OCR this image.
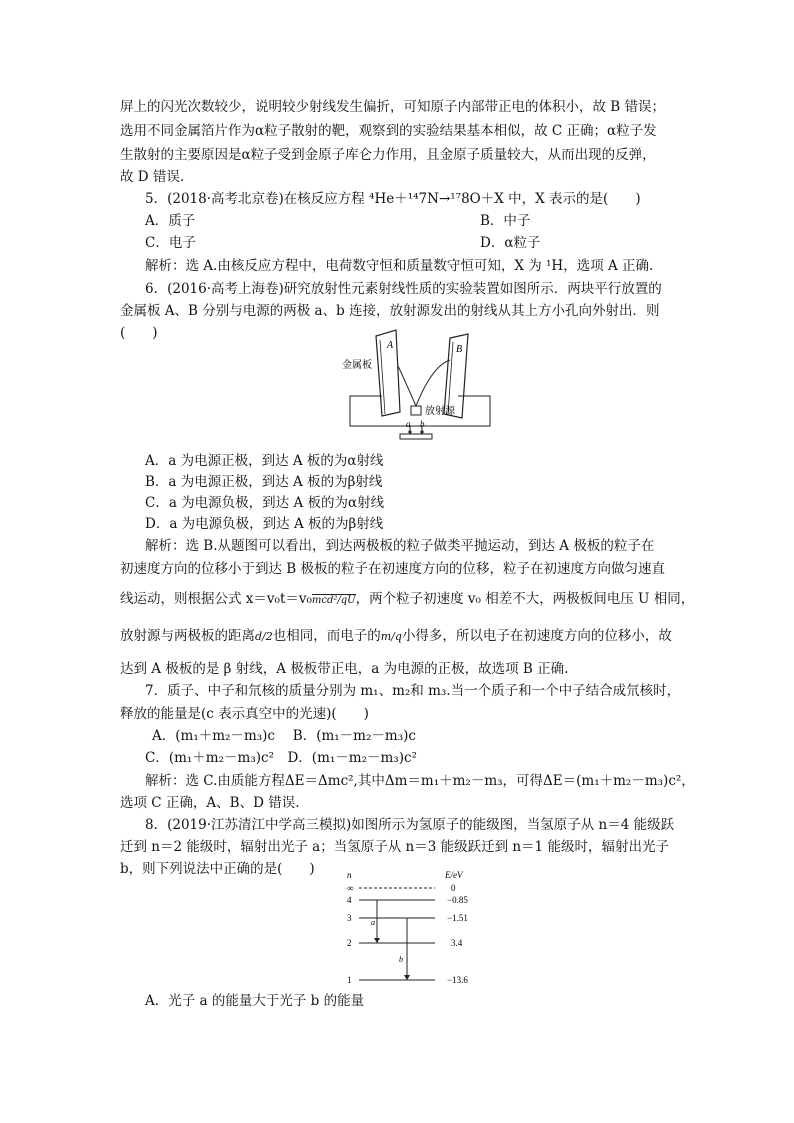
屏上的闪光次数较少，说明较少射线发生偏折，可知原子内部带正电的体积小，故 B 错误；
选用不同金属箔片作为α粒子散射的靶，观察到的实验结果基本相似，故 C 正确；α粒子发
生散射的主要原因是α粒子受到金原子库仑力作用，且金原子质量较大，从而出现的反弹，
故 D 错误.
5．(2018·高考北京卷)在核反应方程 ⁴He＋¹⁴7N→¹⁷8O＋X 中，X 表示的是(　　)
A．质子	B．中子
C．电子	D．α粒子
解析：选 A.由核反应方程中，电荷数守恒和质量数守恒可知，X 为 ¹H，选项 A 正确.
6．(2016·高考上海卷)研究放射性元素射线性质的实验装置如图所示．两块平行放置的
金属板 A、B 分别与电源的两极 a、b 连接，放射源发出的射线从其上方小孔向外射出．则
(　　)
金属板
A	B
放射源
a b
A．a 为电源正极，到达 A 板的为α射线
B．a 为电源正极，到达 A 板的为β射线
C．a 为电源负极，到达 A 板的为α射线
D．a 为电源负极，到达 A 板的为β射线
解析：选 B.从题图可以看出，到达两极板的粒子做类平抛运动，到达 A 极板的粒子在
初速度方向的位移小于到达 B 极板的粒子在初速度方向的位移，粒子在初速度方向做匀速直
线运动，则根据公式 x＝v₀t＝v₀mcd²/qU，两个粒子初速度 v₀ 相差不大，两极板间电压 U 相同，
放射源与两极板的距离d/2也相同，而电子的m/q小得多，所以电子在初速度方向的位移小，故
达到 A 极板的是 β 射线，A 极板带正电，a 为电源的正极，故选项 B 正确.
7．质子、中子和氘核的质量分别为 m₁、m₂和 m₃.当一个质子和一个中子结合成氘核时，
释放的能量是(c 表示真空中的光速)(　　)
A．(m₁＋m₂－m₃)c　 B．(m₁－m₂－m₃)c
C．(m₁＋m₂－m₃)c²　D．(m₁－m₂－m₃)c²
解析：选 C.由质能方程ΔE＝Δmc²,其中Δm＝m₁＋m₂－m₃，可得ΔE＝(m₁＋m₂－m₃)c²，
选项 C 正确，A、B、D 错误.
8．(2019·江苏清江中学高三模拟)如图所示为氢原子的能级图，当氢原子从 n＝4 能级跃
迁到 n＝2 能级时，辐射出光子 a；当氢原子从 n＝3 能级跃迁到 n＝1 能级时，辐射出光子
b，则下列说法中正确的是(　　)	n	E/eV
∞
4
3
2
1
0
−0.85
−1.51
3.4
−13.6
a
b
A．光子 a 的能量大于光子 b 的能量
